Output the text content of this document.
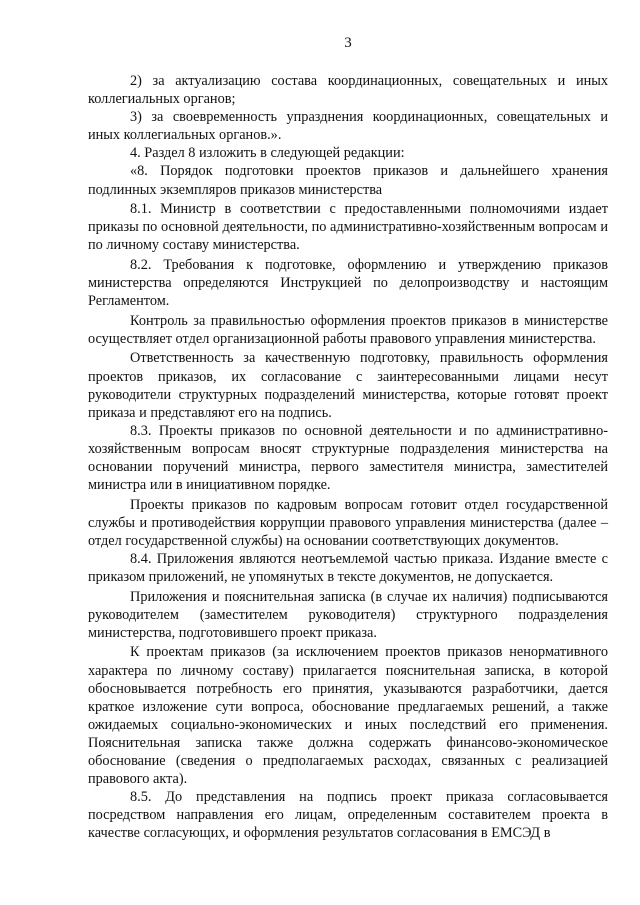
3

2) за актуализацию состава координационных, совещательных и иных коллегиальных органов;

3) за своевременность упразднения координационных, совещательных и иных коллегиальных органов.».

4. Раздел 8 изложить в следующей редакции:

«8. Порядок подготовки проектов приказов и дальнейшего хранения подлинных экземпляров приказов министерства

8.1. Министр в соответствии с предоставленными полномочиями издает приказы по основной деятельности, по административно-хозяйственным вопросам и по личному составу министерства.

8.2. Требования к подготовке, оформлению и утверждению приказов министерства определяются Инструкцией по делопроизводству и настоящим Регламентом.

Контроль за правильностью оформления проектов приказов в министерстве осуществляет отдел организационной работы правового управления министерства.

Ответственность за качественную подготовку, правильность оформления проектов приказов, их согласование с заинтересованными лицами несут руководители структурных подразделений министерства, которые готовят проект приказа и представляют его на подпись.

8.3. Проекты приказов по основной деятельности и по административно-хозяйственным вопросам вносят структурные подразделения министерства на основании поручений министра, первого заместителя министра, заместителей министра или в инициативном порядке.

Проекты приказов по кадровым вопросам готовит отдел государственной службы и противодействия коррупции правового управления министерства (далее – отдел государственной службы) на основании соответствующих документов.

8.4. Приложения являются неотъемлемой частью приказа. Издание вместе с приказом приложений, не упомянутых в тексте документов, не допускается.

Приложения и пояснительная записка (в случае их наличия) подписываются руководителем (заместителем руководителя) структурного подразделения министерства, подготовившего проект приказа.

К проектам приказов (за исключением проектов приказов ненормативного характера по личному составу) прилагается пояснительная записка, в которой обосновывается потребность его принятия, указываются разработчики, дается краткое изложение сути вопроса, обоснование предлагаемых решений, а также ожидаемых социально-экономических и иных последствий его применения. Пояснительная записка также должна содержать финансово-экономическое обоснование (сведения о предполагаемых расходах, связанных с реализацией правового акта).

8.5. До представления на подпись проект приказа согласовывается посредством направления его лицам, определенным составителем проекта в качестве согласующих, и оформления результатов согласования в ЕМСЭД в
